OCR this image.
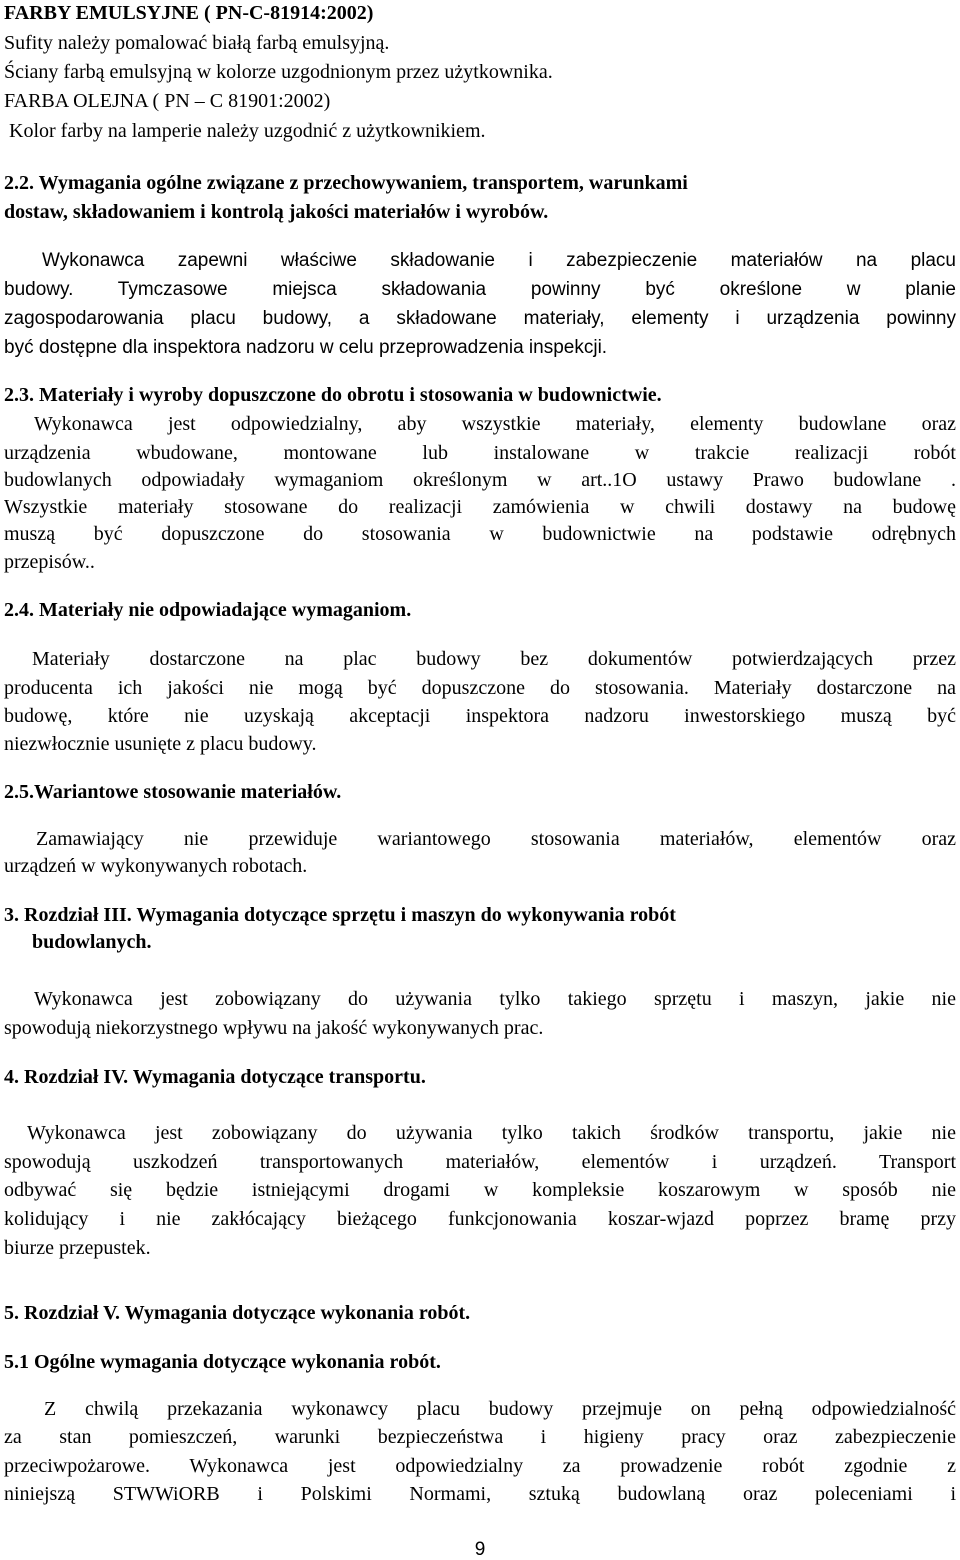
FARBY EMULSYJNE ( PN-C-81914:2002)
Sufity należy pomalować białą farbą emulsyjną.
Ściany farbą emulsyjną w kolorze uzgodnionym przez użytkownika.
FARBA OLEJNA ( PN – C 81901:2002)
Kolor farby na lamperie należy uzgodnić z użytkownikiem.
2.2. Wymagania ogólne związane z przechowywaniem, transportem, warunkami
dostaw, składowaniem i kontrolą jakości materiałów i wyrobów.
Wykonawca zapewni właściwe składowanie i zabezpieczenie materiałów na placu
budowy. Tymczasowe miejsca składowania powinny być określone w planie
zagospodarowania placu budowy, a składowane materiały, elementy i urządzenia powinny
być dostępne dla inspektora nadzoru w celu przeprowadzenia inspekcji.
2.3. Materiały i wyroby dopuszczone do obrotu i stosowania w budownictwie.
Wykonawca jest odpowiedzialny, aby wszystkie materiały, elementy budowlane oraz
urządzenia wbudowane, montowane lub instalowane w trakcie realizacji robót
budowlanych odpowiadały wymaganiom określonym w art..1O ustawy Prawo budowlane .
Wszystkie materiały stosowane do realizacji zamówienia w chwili dostawy na budowę
muszą być dopuszczone do stosowania w budownictwie na podstawie odrębnych
przepisów..
2.4. Materiały nie odpowiadające wymaganiom.
Materiały dostarczone na plac budowy bez dokumentów potwierdzających przez
producenta ich jakości nie mogą być dopuszczone do stosowania. Materiały dostarczone na
budowę, które nie uzyskają akceptacji inspektora nadzoru inwestorskiego muszą być
niezwłocznie usunięte z placu budowy.
2.5.Wariantowe stosowanie materiałów.
Zamawiający nie przewiduje wariantowego stosowania materiałów, elementów oraz
urządzeń w wykonywanych robotach.
3. Rozdział III. Wymagania dotyczące sprzętu i maszyn do wykonywania robót
budowlanych.
Wykonawca jest zobowiązany do używania tylko takiego sprzętu i maszyn, jakie nie
spowodują niekorzystnego wpływu na jakość wykonywanych prac.
4. Rozdział IV. Wymagania dotyczące transportu.
Wykonawca jest zobowiązany do używania tylko takich środków transportu, jakie nie
spowodują uszkodzeń transportowanych materiałów, elementów i urządzeń. Transport
odbywać się będzie istniejącymi drogami w kompleksie koszarowym w sposób nie
kolidujący i nie zakłócający bieżącego funkcjonowania koszar-wjazd poprzez bramę przy
biurze przepustek.
5. Rozdział V. Wymagania dotyczące wykonania robót.
5.1 Ogólne wymagania dotyczące wykonania robót.
Z chwilą przekazania wykonawcy placu budowy przejmuje on pełną odpowiedzialność
za stan pomieszczeń, warunki bezpieczeństwa i higieny pracy oraz zabezpieczenie
przeciwpożarowe. Wykonawca jest odpowiedzialny za prowadzenie robót zgodnie z
niniejszą STWWiORB i Polskimi Normami, sztuką budowlaną oraz poleceniami i
9
